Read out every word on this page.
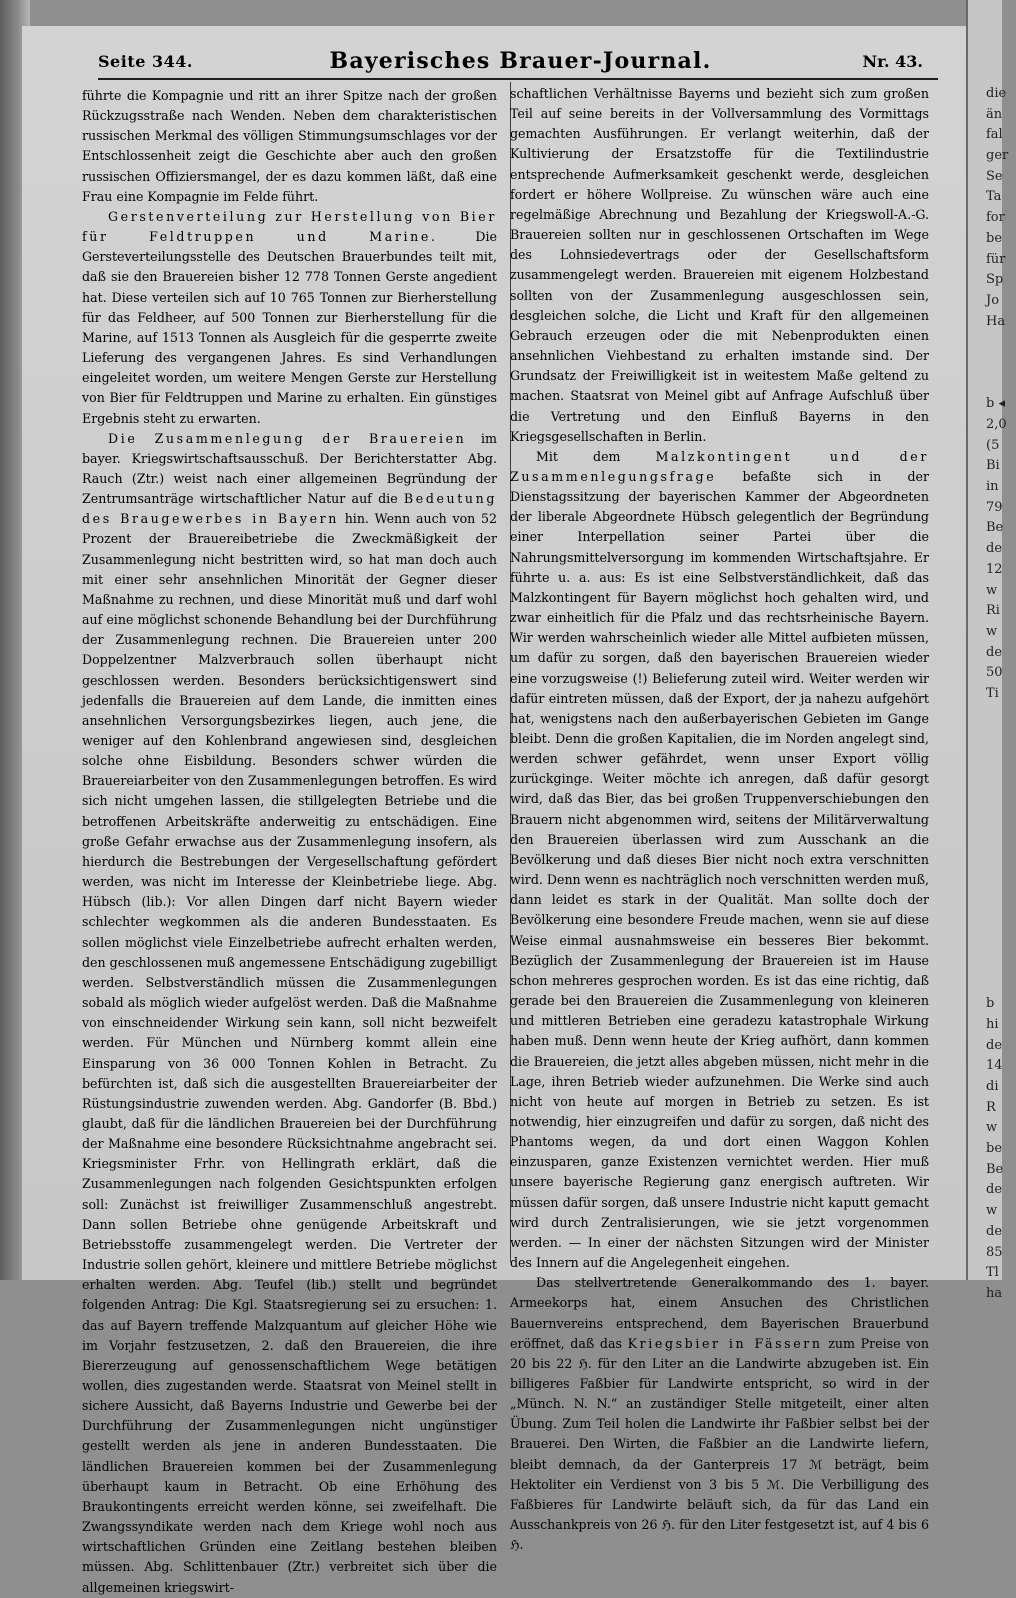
Seite 344.	Bayerisches Brauer-Journal.	Nr. 43.

führte die Kompagnie und ritt an ihrer Spitze nach der großen Rückzugsstraße nach Wenden. Neben dem charakteristischen russischen Merkmal des völligen Stimmungsumschlages vor der Entschlossenheit zeigt die Geschichte aber auch den großen russischen Offiziersmangel, der es dazu kommen läßt, daß eine Frau eine Kompagnie im Felde führt.

Gerstenverteilung zur Herstellung von Bier für Feldtruppen und Marine.	Die Gersteverteilungsstelle des Deutschen Brauerbundes teilt mit, daß sie den Brauereien bisher 12 778 Tonnen Gerste angedient hat. Diese verteilen sich auf 10 765 Tonnen zur Bierherstellung für das Feldheer, auf 500 Tonnen zur Bierherstellung für die Marine, auf 1513 Tonnen als Ausgleich für die gesperrte zweite Lieferung des vergangenen Jahres. Es sind Verhandlungen eingeleitet worden, um weitere Mengen Gerste zur Herstellung von Bier für Feldtruppen und Marine zu erhalten. Ein günstiges Ergebnis steht zu erwarten.

Die Zusammenlegung der Brauereien im bayer. Kriegswirtschaftsausschuß. Der Berichterstatter Abg. Rauch (Ztr.) weist nach einer allgemeinen Begründung der Zentrumsanträge wirtschaftlicher Natur auf die Bedeutung des Braugewerbes in Bayern hin. Wenn auch von 52 Prozent der Brauereibetriebe die Zweckmäßigkeit der Zusammenlegung nicht bestritten wird, so hat man doch auch mit einer sehr ansehnlichen Minorität der Gegner dieser Maßnahme zu rechnen, und diese Minorität muß und darf wohl auf eine möglichst schonende Behandlung bei der Durchführung der Zusammenlegung rechnen. Die Brauereien unter 200 Doppelzentner Malzverbrauch sollen überhaupt nicht geschlossen werden. Besonders berücksichtigenswert sind jedenfalls die Brauereien auf dem Lande, die inmitten eines ansehnlichen Versorgungsbezirkes liegen, auch jene, die weniger auf den Kohlenbrand angewiesen sind, desgleichen solche ohne Eisbildung. Besonders schwer würden die Brauereiarbeiter von den Zusammenlegungen betroffen. Es wird sich nicht umgehen lassen, die stillgelegten Betriebe und die betroffenen Arbeitskräfte anderweitig zu entschädigen. Eine große Gefahr erwachse aus der Zusammenlegung insofern, als hierdurch die Bestrebungen der Vergesellschaftung gefördert werden, was nicht im Interesse der Kleinbetriebe liege. Abg. Hübsch (lib.): Vor allen Dingen darf nicht Bayern wieder schlechter wegkommen als die anderen Bundesstaaten. Es sollen möglichst viele Einzelbetriebe aufrecht erhalten werden, den geschlossenen muß angemessene Entschädigung zugebilligt werden. Selbstverständlich müssen die Zusammenlegungen sobald als möglich wieder aufgelöst werden. Daß die Maßnahme von einschneidender Wirkung sein kann, soll nicht bezweifelt werden. Für München und Nürnberg kommt allein eine Einsparung von 36 000 Tonnen Kohlen in Betracht. Zu befürchten ist, daß sich die ausgestellten Brauereiarbeiter der Rüstungsindustrie zuwenden werden. Abg. Gandorfer (B. Bbd.) glaubt, daß für die ländlichen Brauereien bei der Durchführung der Maßnahme eine besondere Rücksichtnahme angebracht sei. Kriegsminister Frhr. von Hellingrath erklärt, daß die Zusammenlegungen nach folgenden Gesichtspunkten erfolgen soll: Zunächst ist freiwilliger Zusammenschluß angestrebt. Dann sollen Betriebe ohne genügende Arbeitskraft und Betriebsstoffe zusammengelegt werden. Die Vertreter der Industrie sollen gehört, kleinere und mittlere Betriebe möglichst erhalten werden. Abg. Teufel (lib.) stellt und begründet folgenden Antrag: Die Kgl. Staatsregierung sei zu ersuchen: 1. das auf Bayern treffende Malzquantum auf gleicher Höhe wie im Vorjahr festzusetzen, 2. daß den Brauereien, die ihre Biererzeugung auf genossenschaftlichem Wege betätigen wollen, dies zugestanden werde. Staatsrat von Meinel stellt in sichere Aussicht, daß Bayerns Industrie und Gewerbe bei der Durchführung der Zusammenlegungen nicht ungünstiger gestellt werden als jene in anderen Bundesstaaten. Die ländlichen Brauereien kommen bei der Zusammenlegung überhaupt kaum in Betracht. Ob eine Erhöhung des Braukontingents erreicht werden könne, sei zweifelhaft. Die Zwangssyndikate werden nach dem Kriege wohl noch aus wirtschaftlichen Gründen eine Zeitlang bestehen bleiben müssen. Abg. Schlittenbauer (Ztr.) verbreitet sich über die allgemeinen kriegswirt-

schaftlichen Verhältnisse Bayerns und bezieht sich zum großen Teil auf seine bereits in der Vollversammlung des Vormittags gemachten Ausführungen. Er verlangt weiterhin, daß der Kultivierung der Ersatzstoffe für die Textilindustrie entsprechende Aufmerksamkeit geschenkt werde, desgleichen fordert er höhere Wollpreise. Zu wünschen wäre auch eine regelmäßige Abrechnung und Bezahlung der Kriegswoll-A.-G. Brauereien sollten nur in geschlossenen Ortschaften im Wege des Lohnsiedevertrags oder der Gesellschaftsform zusammengelegt werden. Brauereien mit eigenem Holzbestand sollten von der Zusammenlegung ausgeschlossen sein, desgleichen solche, die Licht und Kraft für den allgemeinen Gebrauch erzeugen oder die mit Nebenprodukten einen ansehnlichen Viehbestand zu erhalten imstande sind. Der Grundsatz der Freiwilligkeit ist in weitestem Maße geltend zu machen. Staatsrat von Meinel gibt auf Anfrage Aufschluß über die Vertretung und den Einfluß Bayerns in den Kriegsgesellschaften in Berlin.

Mit dem	Malzkontingent und der Zusammenlegungsfrage befaßte sich in der Dienstagssitzung der bayerischen Kammer der Abgeordneten der liberale Abgeordnete Hübsch gelegentlich der Begründung einer Interpellation seiner Partei über die Nahrungsmittelversorgung im kommenden Wirtschaftsjahre. Er führte u. a. aus: Es ist eine Selbstverständlichkeit, daß das Malzkontingent für Bayern möglichst hoch gehalten wird, und zwar einheitlich für die Pfalz und das rechtsrheinische Bayern. Wir werden wahrscheinlich wieder alle Mittel aufbieten müssen, um dafür zu sorgen, daß den bayerischen Brauereien wieder eine vorzugsweise (!) Belieferung zuteil wird. Weiter werden wir dafür eintreten müssen, daß der Export, der ja nahezu aufgehört hat, wenigstens nach den außerbayerischen Gebieten im Gange bleibt. Denn die großen Kapitalien, die im Norden angelegt sind, werden schwer gefährdet, wenn unser Export völlig zurückginge. Weiter möchte ich anregen, daß dafür gesorgt wird, daß das Bier, das bei großen Truppenverschiebungen den Brauern nicht abgenommen wird, seitens der Militärverwaltung den Brauereien überlassen wird zum Ausschank an die Bevölkerung und daß dieses Bier nicht noch extra verschnitten wird. Denn wenn es nachträglich noch verschnitten werden muß, dann leidet es stark in der Qualität. Man sollte doch der Bevölkerung eine besondere Freude machen, wenn sie auf diese Weise einmal ausnahmsweise ein besseres Bier bekommt. Bezüglich der Zusammenlegung der Brauereien ist im Hause schon mehreres gesprochen worden. Es ist das eine richtig, daß gerade bei den Brauereien die Zusammenlegung von kleineren und mittleren Betrieben eine geradezu katastrophale Wirkung haben muß. Denn wenn heute der Krieg aufhört, dann kommen die Brauereien, die jetzt alles abgeben müssen, nicht mehr in die Lage, ihren Betrieb wieder aufzunehmen. Die Werke sind auch nicht von heute auf morgen in Betrieb zu setzen. Es ist notwendig, hier einzugreifen und dafür zu sorgen, daß nicht des Phantoms wegen, da und dort einen Waggon Kohlen einzusparen, ganze Existenzen vernichtet werden. Hier muß unsere bayerische Regierung ganz energisch auftreten. Wir müssen dafür sorgen, daß unsere Industrie nicht kaputt gemacht wird durch Zentralisierungen, wie sie jetzt vorgenommen werden. — In einer der nächsten Sitzungen wird der Minister des Innern auf die Angelegenheit eingehen.

Das stellvertretende Generalkommando des 1. bayer. Armeekorps hat, einem Ansuchen des Christlichen Bauernvereins entsprechend, dem Bayerischen Brauerbund eröffnet, daß das Kriegsbier in Fässern zum Preise von 20 bis 22 ℌ. für den Liter an die Landwirte abzugeben ist. Ein billigeres Faßbier für Landwirte entspricht, so wird in der „Münch. N. N.“ an zuständiger Stelle mitgeteilt, einer alten Übung. Zum Teil holen die Landwirte ihr Faßbier selbst bei der Brauerei. Den Wirten, die Faßbier an die Landwirte liefern, bleibt demnach, da der Ganterpreis 17 ℳ beträgt, beim Hektoliter ein Verdienst von 3 bis 5 ℳ. Die Verbilligung des Faßbieres für Landwirte beläuft sich, da für das Land ein Ausschankpreis von 26 ℌ. für den Liter festgesetzt ist, auf 4 bis 6 ℌ.

die
än
fal
ger
Se
Ta
for
be
für
Sp
Jo
Ha
b ◂
2,0
(5
Bi
in
79
Be
de
12
w
Ri
w
de
50
Ti
b
hi
de
14
di
R
w
be
Be
de
w
de
85
Tl
ha
